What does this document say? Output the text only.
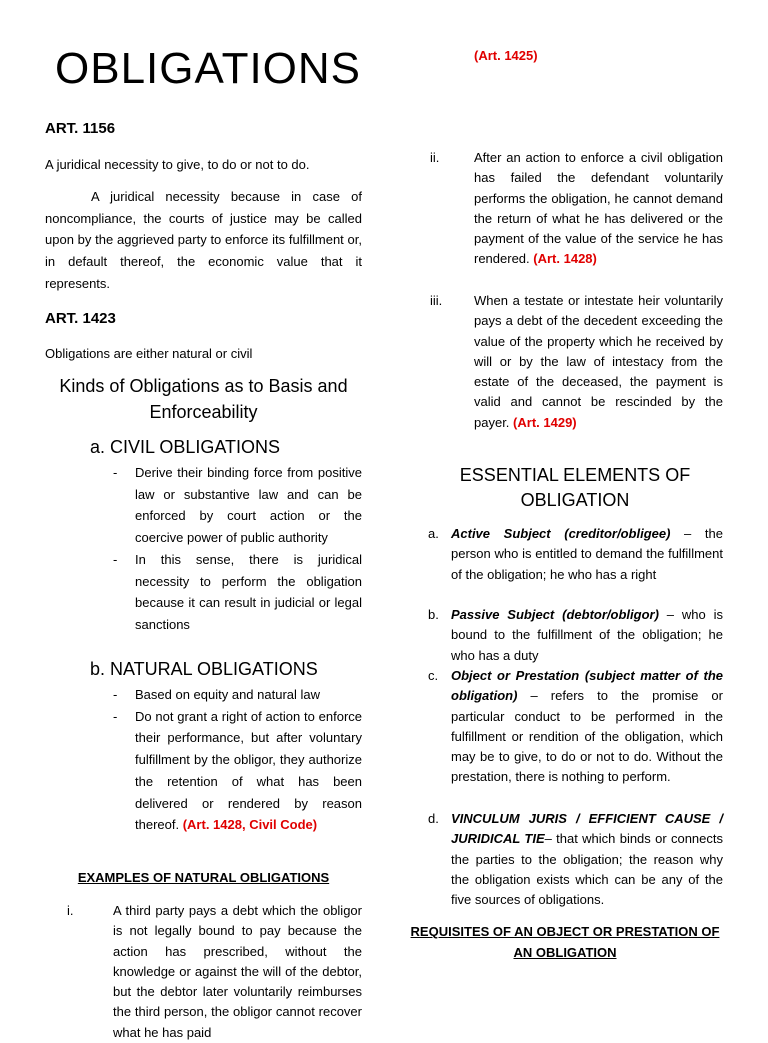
OBLIGATIONS
ART. 1156
A juridical necessity to give, to do or not to do.
A juridical necessity because in case of noncompliance, the courts of justice may be called upon by the aggrieved party to enforce its fulfillment or, in default thereof, the economic value that it represents.
ART. 1423
Obligations are either natural or civil
Kinds of Obligations as to Basis and Enforceability
a. CIVIL OBLIGATIONS
- Derive their binding force from positive law or substantive law and can be enforced by court action or the coercive power of public authority
- In this sense, there is juridical necessity to perform the obligation because it can result in judicial or legal sanctions
b. NATURAL OBLIGATIONS
- Based on equity and natural law
- Do not grant a right of action to enforce their performance, but after voluntary fulfillment by the obligor, they authorize the retention of what has been delivered or rendered by reason thereof. (Art. 1428, Civil Code)
EXAMPLES OF NATURAL OBLIGATIONS
i.	A third party pays a debt which the obligor is not legally bound to pay because the action has prescribed, without the knowledge or against the will of the debtor, but the debtor later voluntarily reimburses the third person, the obligor cannot recover what he has paid
(Art. 1425)
ii.	After an action to enforce a civil obligation has failed the defendant voluntarily performs the obligation, he cannot demand the return of what he has delivered or the payment of the value of the service he has rendered. (Art. 1428)
iii. When a testate or intestate heir voluntarily pays a debt of the decedent exceeding the value of the property which he received by will or by the law of intestacy from the estate of the deceased, the payment is valid and cannot be rescinded by the payer. (Art. 1429)
ESSENTIAL ELEMENTS OF OBLIGATION
a. Active Subject (creditor/obligee) – the person who is entitled to demand the fulfillment of the obligation; he who has a right
b. Passive Subject (debtor/obligor) – who is bound to the fulfillment of the obligation; he who has a duty
c. Object or Prestation (subject matter of the obligation) – refers to the promise or particular conduct to be performed in the fulfillment or rendition of the obligation, which may be to give, to do or not to do. Without the prestation, there is nothing to perform.
d. VINCULUM JURIS / EFFICIENT CAUSE / JURIDICAL TIE– that which binds or connects the parties to the obligation; the reason why the obligation exists which can be any of the five sources of obligations.
REQUISITES OF AN OBJECT OR PRESTATION OF AN OBLIGATION
